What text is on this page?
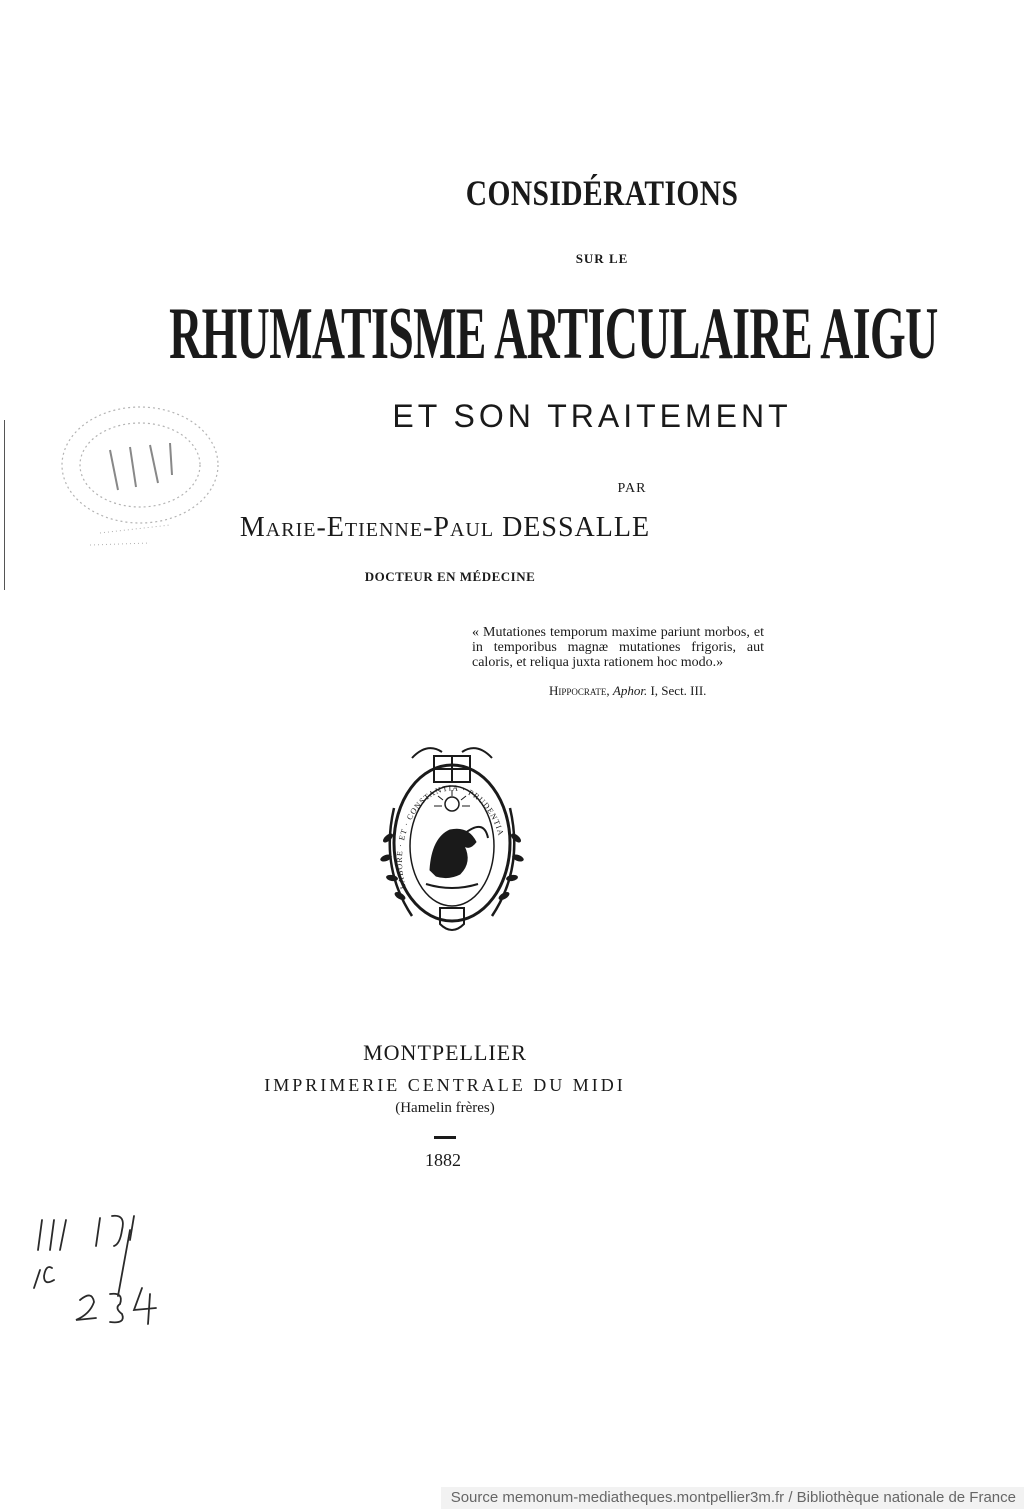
CONSIDÉRATIONS
SUR LE
RHUMATISME ARTICULAIRE AIGU
ET SON TRAITEMENT
PAR
Marie-Etienne-Paul DESSALLE
DOCTEUR EN MÉDECINE
« Mutationes temporum maxime pariunt morbos, et in temporibus magnæ mutationes frigoris, aut caloris, et reliqua juxta rationem hoc modo.»
Hippocrate, Aphor. I, Sect. III.
LABORE · ET · CONSTANTIA · PRUDENTIA
MONTPELLIER
IMPRIMERIE CENTRALE DU MIDI
(Hamelin frères)
1882
Source memonum-mediatheques.montpellier3m.fr / Bibliothèque nationale de France
